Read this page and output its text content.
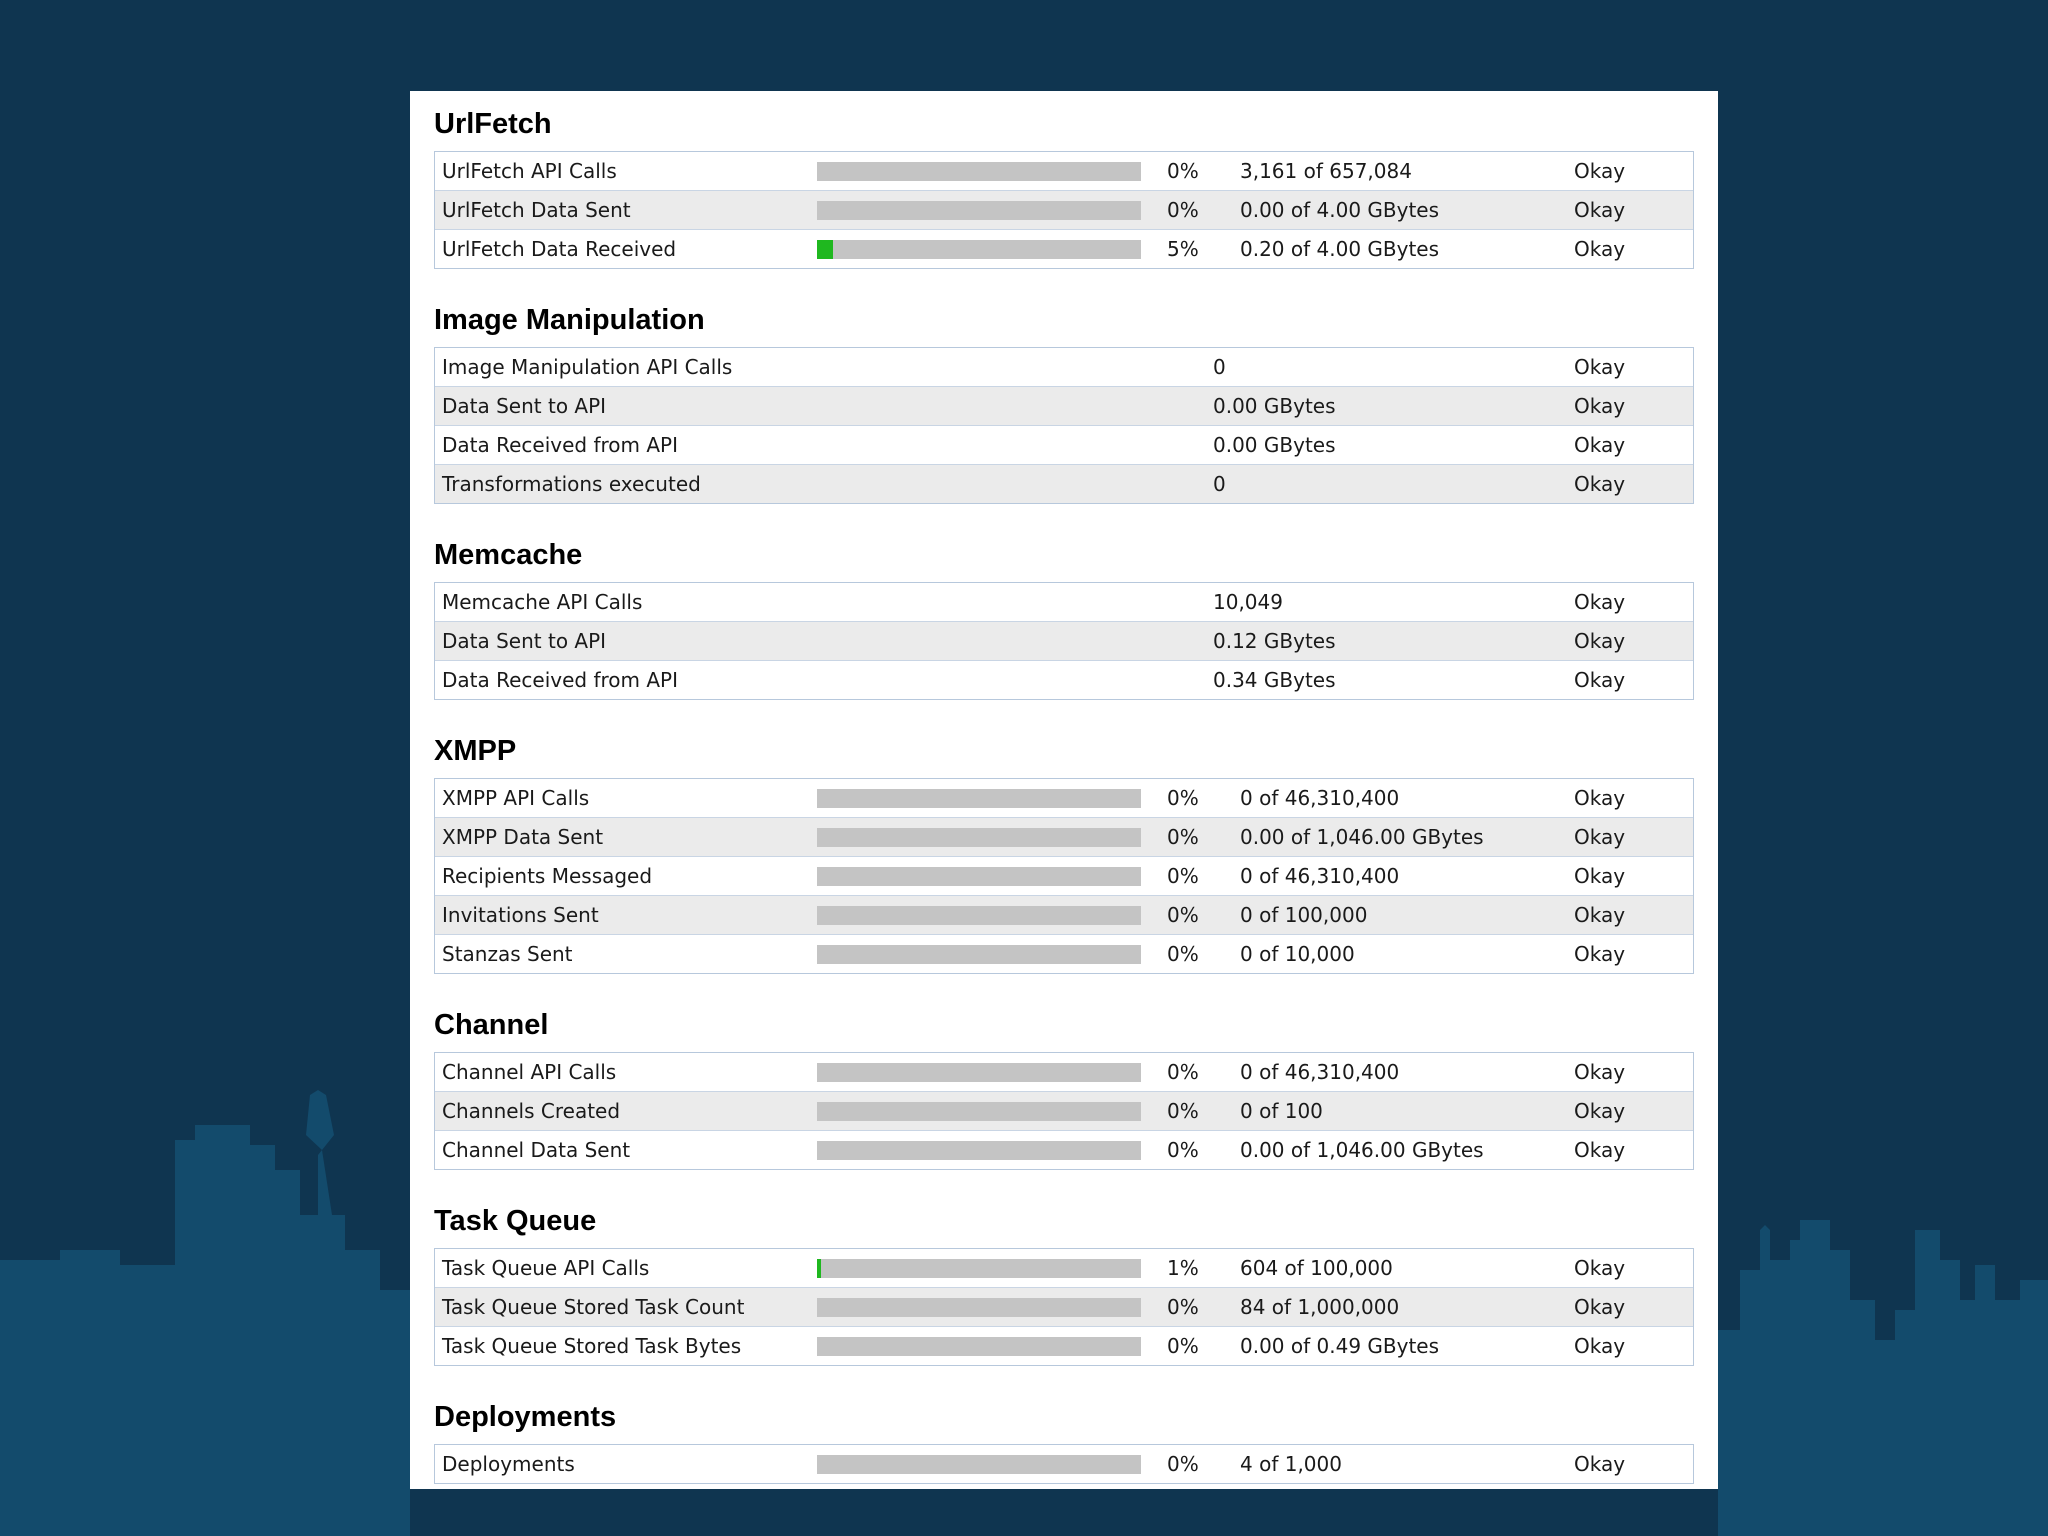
UrlFetch
UrlFetch API Calls	0% 3,161 of 657,084	Okay
UrlFetch Data Sent	0% 0.00 of 4.00 GBytes	Okay
UrlFetch Data Received	5% 0.20 of 4.00 GBytes	Okay
Image Manipulation
Image Manipulation API Calls	0	Okay
Data Sent to API	0.00 GBytes	Okay
Data Received from API	0.00 GBytes	Okay
Transformations executed	0	Okay
Memcache
Memcache API Calls	10,049	Okay
Data Sent to API	0.12 GBytes	Okay
Data Received from API	0.34 GBytes	Okay
XMPP
XMPP API Calls	0% 0 of 46,310,400	Okay
XMPP Data Sent	0% 0.00 of 1,046.00 GBytes	Okay
Recipients Messaged	0% 0 of 46,310,400	Okay
Invitations Sent	0% 0 of 100,000	Okay
Stanzas Sent	0% 0 of 10,000	Okay
Channel
Channel API Calls	0% 0 of 46,310,400	Okay
Channels Created	0% 0 of 100	Okay
Channel Data Sent	0% 0.00 of 1,046.00 GBytes	Okay
Task Queue
Task Queue API Calls	1% 604 of 100,000	Okay
Task Queue Stored Task Count	0% 84 of 1,000,000	Okay
Task Queue Stored Task Bytes	0% 0.00 of 0.49 GBytes	Okay
Deployments
Deployments	0% 4 of 1,000	Okay
